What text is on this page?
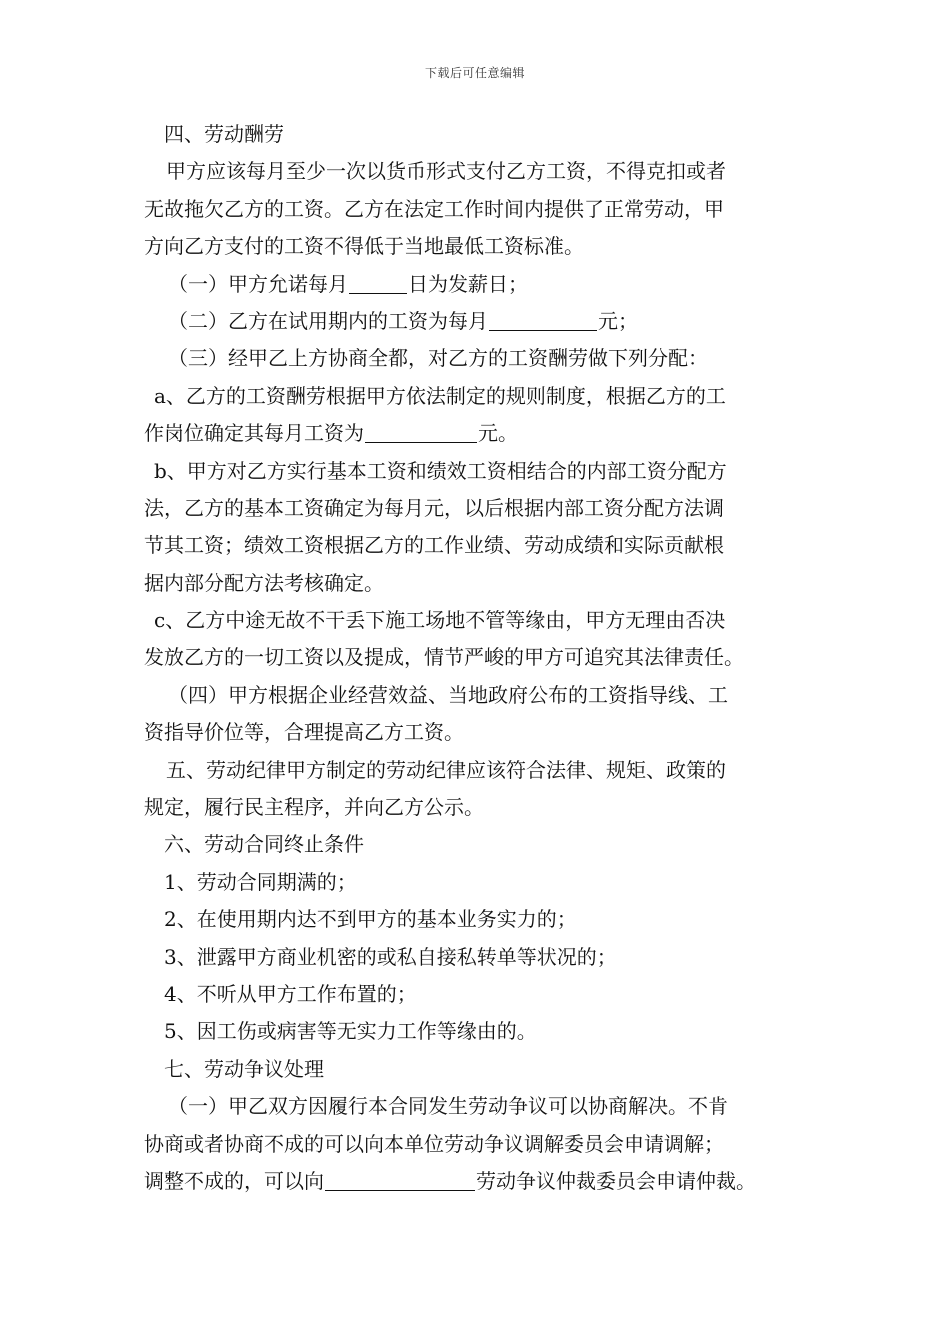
下载后可任意编辑
四、劳动酬劳
甲方应该每月至少一次以货币形式支付乙方工资，不得克扣或者
无故拖欠乙方的工资。乙方在法定工作时间内提供了正常劳动，甲
方向乙方支付的工资不得低于当地最低工资标准。
（一）甲方允诺每月	日为发薪日；
（二）乙方在试用期内的工资为每月	元；
（三）经甲乙上方协商全都，对乙方的工资酬劳做下列分配：
a、乙方的工资酬劳根据甲方依法制定的规则制度，根据乙方的工
作岗位确定其每月工资为	元。
b、甲方对乙方实行基本工资和绩效工资相结合的内部工资分配方
法，乙方的基本工资确定为每月元，以后根据内部工资分配方法调
节其工资；绩效工资根据乙方的工作业绩、劳动成绩和实际贡献根
据内部分配方法考核确定。
c、乙方中途无故不干丢下施工场地不管等缘由，甲方无理由否决
发放乙方的一切工资以及提成，情节严峻的甲方可追究其法律责任。
（四）甲方根据企业经营效益、当地政府公布的工资指导线、工
资指导价位等，合理提高乙方工资。
五、劳动纪律甲方制定的劳动纪律应该符合法律、规矩、政策的
规定，履行民主程序，并向乙方公示。
六、劳动合同终止条件
1、劳动合同期满的；
2、在使用期内达不到甲方的基本业务实力的；
3、泄露甲方商业机密的或私自接私转单等状况的；
4、不听从甲方工作布置的；
5、因工伤或病害等无实力工作等缘由的。
七、劳动争议处理
（一）甲乙双方因履行本合同发生劳动争议可以协商解决。不肯
协商或者协商不成的可以向本单位劳动争议调解委员会申请调解；
调整不成的，可以向	劳动争议仲裁委员会申请仲裁。
